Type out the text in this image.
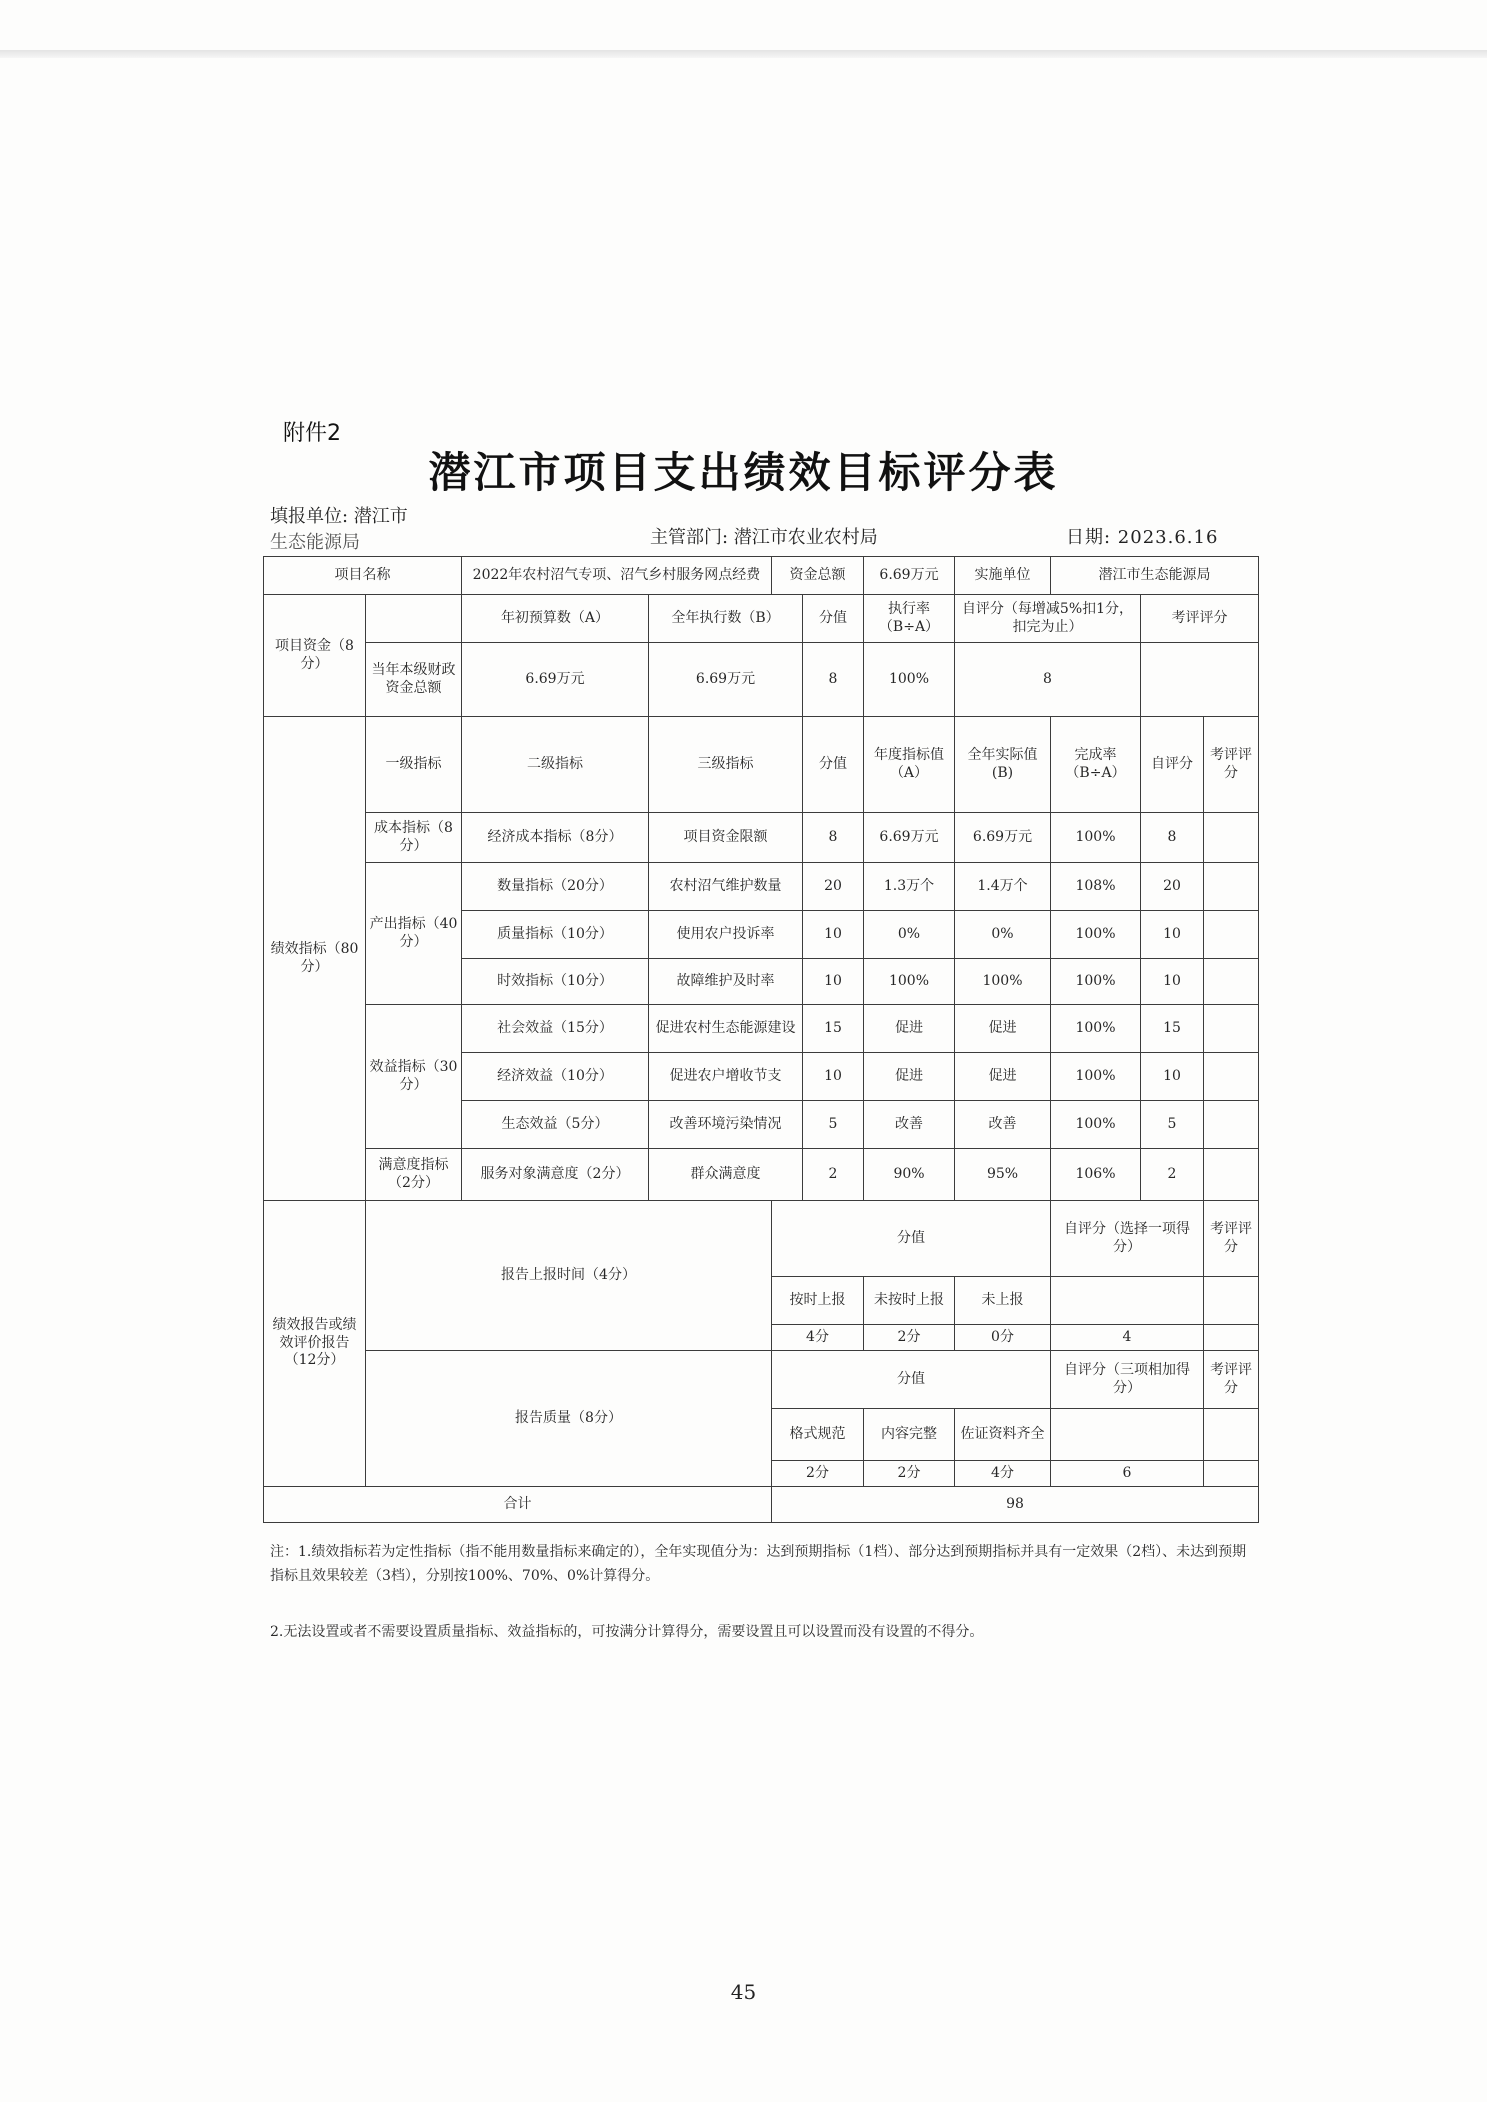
附件2
潜江市项目支出绩效目标评分表
填报单位: 潜江市
生态能源局	主管部门: 潜江市农业农村局	日期: 2023.6.16
项目名称		2022年农村沼气专项、沼气乡村服务网点经费		资金总额		6.69万元	实施单位	潜江市生态能源局		
项目资金（8分）		年初预算数（A）	全年执行数（B）		分值	执行率（B÷A）	自评分（每增减5%扣1分，扣完为止）		考评评分	
	当年本级财政资金总额	6.69万元	6.69万元		8	100%	8			
绩效指标（80分）	一级指标	二级指标	三级指标		分值	年度指标值（A）	全年实际值(B)	完成率（B÷A）	自评分	考评评分
	成本指标（8分）	经济成本指标（8分）	项目资金限额		8	6.69万元	6.69万元	100%	8	
	产出指标（40分）	数量指标（20分）	农村沼气维护数量		20	1.3万个	1.4万个	108%	20	
		质量指标（10分）	使用农户投诉率		10	0%	0%	100%	10	
		时效指标（10分）	故障维护及时率		10	100%	100%	100%	10	
	效益指标（30分）	社会效益（15分）	促进农村生态能源建设		15	促进	促进	100%	15	
		经济效益（10分）	促进农户增收节支		10	促进	促进	100%	10	
		生态效益（5分）	改善环境污染情况		5	改善	改善	100%	5	
	满意度指标（2分）	服务对象满意度（2分）	群众满意度		2	90%	95%	106%	2	
绩效报告或绩效评价报告（12分）	报告上报时间（4分）			分值				自评分（选择一项得分）		考评评分
				按时上报		未按时上报	未上报			
				4分		2分	0分	4		
	报告质量（8分）			分值				自评分（三项相加得分）		考评评分
				格式规范		内容完整	佐证资料齐全			
				2分		2分	4分	6		
合计				98						
注：1.绩效指标若为定性指标（指不能用数量指标来确定的），全年实现值分为：达到预期指标（1档）、部分达到预期指标并具有一定效果（2档）、未达到预期指标且效果较差（3档），分别按100%、70%、0%计算得分。
2.无法设置或者不需要设置质量指标、效益指标的，可按满分计算得分，需要设置且可以设置而没有设置的不得分。
45
